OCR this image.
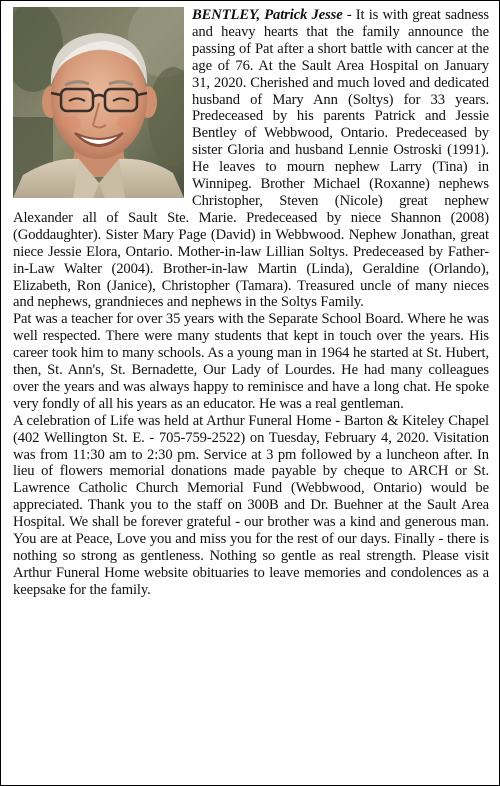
BENTLEY, Patrick Jesse - It is with great sadness and heavy hearts that the family announce the passing of Pat after a short battle with cancer at the age of 76. At the Sault Area Hospital on January 31, 2020. Cherished and much loved and dedicated husband of Mary Ann (Soltys) for 33 years. Predeceased by his parents Patrick and Jessie Bentley of Webbwood, Ontario. Predeceased by sister Gloria and husband Lennie Ostroski (1991). He leaves to mourn nephew Larry (Tina) in Winnipeg. Brother Michael (Roxanne) nephews Christopher, Steven (Nicole) great nephew Alexander all of Sault Ste. Marie. Predeceased by niece Shannon (2008) (Goddaughter). Sister Mary Page (David) in Webbwood. Nephew Jonathan, great niece Jessie Elora, Ontario. Mother-in-law Lillian Soltys. Predeceased by Father-in-Law Walter (2004). Brother-in-law Martin (Linda), Geraldine (Orlando), Elizabeth, Ron (Janice), Christopher (Tamara). Treasured uncle of many nieces and nephews, grandnieces and nephews in the Soltys Family.

Pat was a teacher for over 35 years with the Separate School Board. Where he was well respected. There were many students that kept in touch over the years. His career took him to many schools. As a young man in 1964 he started at St. Hubert, then, St. Ann's, St. Bernadette, Our Lady of Lourdes. He had many colleagues over the years and was always happy to reminisce and have a long chat. He spoke very fondly of all his years as an educator. He was a real gentleman.

A celebration of Life was held at Arthur Funeral Home - Barton & Kiteley Chapel (402 Wellington St. E. - 705-759-2522) on Tuesday, February 4, 2020. Visitation was from 11:30 am to 2:30 pm. Service at 3 pm followed by a luncheon after. In lieu of flowers memorial donations made payable by cheque to ARCH or St. Lawrence Catholic Church Memorial Fund (Webbwood, Ontario) would be appreciated. Thank you to the staff on 300B and Dr. Buehner at the Sault Area Hospital. We shall be forever grateful - our brother was a kind and generous man. You are at Peace, Love you and miss you for the rest of our days. Finally - there is nothing so strong as gentleness. Nothing so gentle as real strength. Please visit Arthur Funeral Home website obituaries to leave memories and condolences as a keepsake for the family.
